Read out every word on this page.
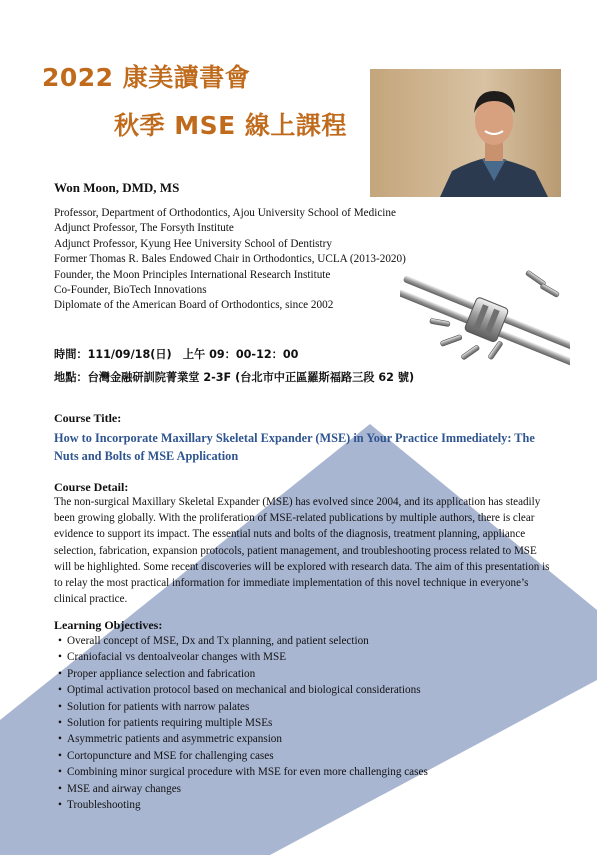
2022 康美讀書會
秋季 MSE 線上課程
Won Moon, DMD, MS
Professor, Department of Orthodontics, Ajou University School of Medicine
Adjunct Professor, The Forsyth Institute
Adjunct Professor, Kyung Hee University School of Dentistry
Former Thomas R. Bales Endowed Chair in Orthodontics, UCLA (2013-2020)
Founder, the Moon Principles International Research Institute
Co-Founder, BioTech Innovations
Diplomate of the American Board of Orthodontics, since 2002
時間：111/09/18(日)　上午 09：00-12：00
地點：台灣金融研訓院菁業堂 2-3F (台北市中正區羅斯福路三段 62 號)
Course Title:
How to Incorporate Maxillary Skeletal Expander (MSE) in Your Practice Immediately: The Nuts and Bolts of MSE Application
Course Detail:

The non-surgical Maxillary Skeletal Expander (MSE) has evolved since 2004, and its application has steadily been growing globally. With the proliferation of MSE-related publications by multiple authors, there is clear evidence to support its impact. The essential nuts and bolts of the diagnosis, treatment planning, appliance selection, fabrication, expansion protocols, patient management, and troubleshooting process related to MSE will be highlighted. Some recent discoveries will be explored with research data. The aim of this presentation is to relay the most practical information for immediate implementation of this novel technique in everyone’s clinical practice.

Learning Objectives:
• Overall concept of MSE, Dx and Tx planning, and patient selection
• Craniofacial vs dentoalveolar changes with MSE
• Proper appliance selection and fabrication
• Optimal activation protocol based on mechanical and biological considerations
• Solution for patients with narrow palates
• Solution for patients requiring multiple MSEs
• Asymmetric patients and asymmetric expansion
• Cortopuncture and MSE for challenging cases
• Combining minor surgical procedure with MSE for even more challenging cases
• MSE and airway changes
• Troubleshooting
